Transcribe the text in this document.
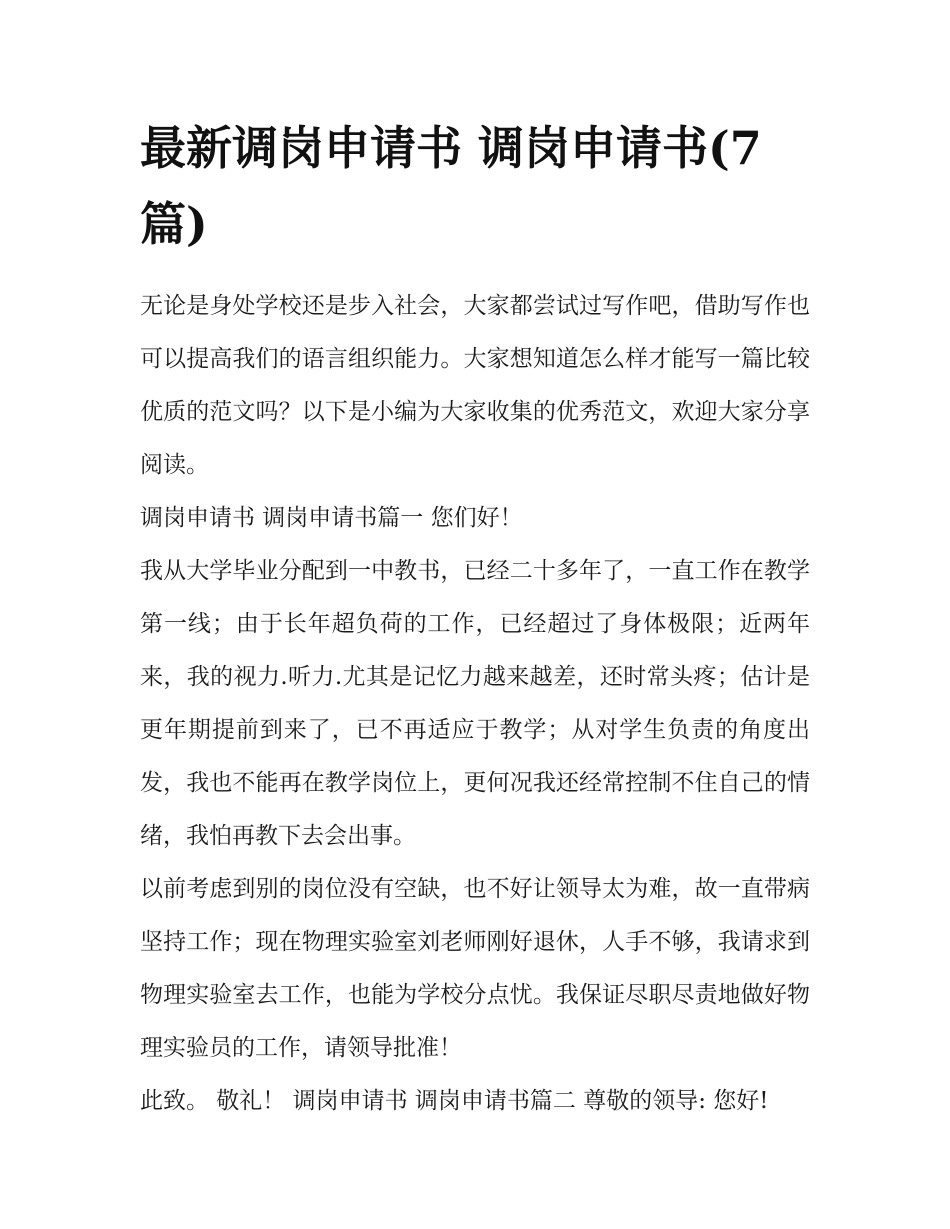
最新调岗申请书 调岗申请书(7篇)

无论是身处学校还是步入社会，大家都尝试过写作吧，借助写作也可以提高我们的语言组织能力。大家想知道怎么样才能写一篇比较优质的范文吗？以下是小编为大家收集的优秀范文，欢迎大家分享阅读。

调岗申请书 调岗申请书篇一 您们好！

我从大学毕业分配到一中教书，已经二十多年了，一直工作在教学第一线；由于长年超负荷的工作，已经超过了身体极限；近两年来，我的视力.听力.尤其是记忆力越来越差，还时常头疼；估计是更年期提前到来了，已不再适应于教学；从对学生负责的角度出发，我也不能再在教学岗位上，更何况我还经常控制不住自己的情绪，我怕再教下去会出事。

以前考虑到别的岗位没有空缺，也不好让领导太为难，故一直带病坚持工作；现在物理实验室刘老师刚好退休，人手不够，我请求到物理实验室去工作，也能为学校分点忧。我保证尽职尽责地做好物理实验员的工作，请领导批准！

此致。 敬礼！ 调岗申请书 调岗申请书篇二 尊敬的领导: 您好!
